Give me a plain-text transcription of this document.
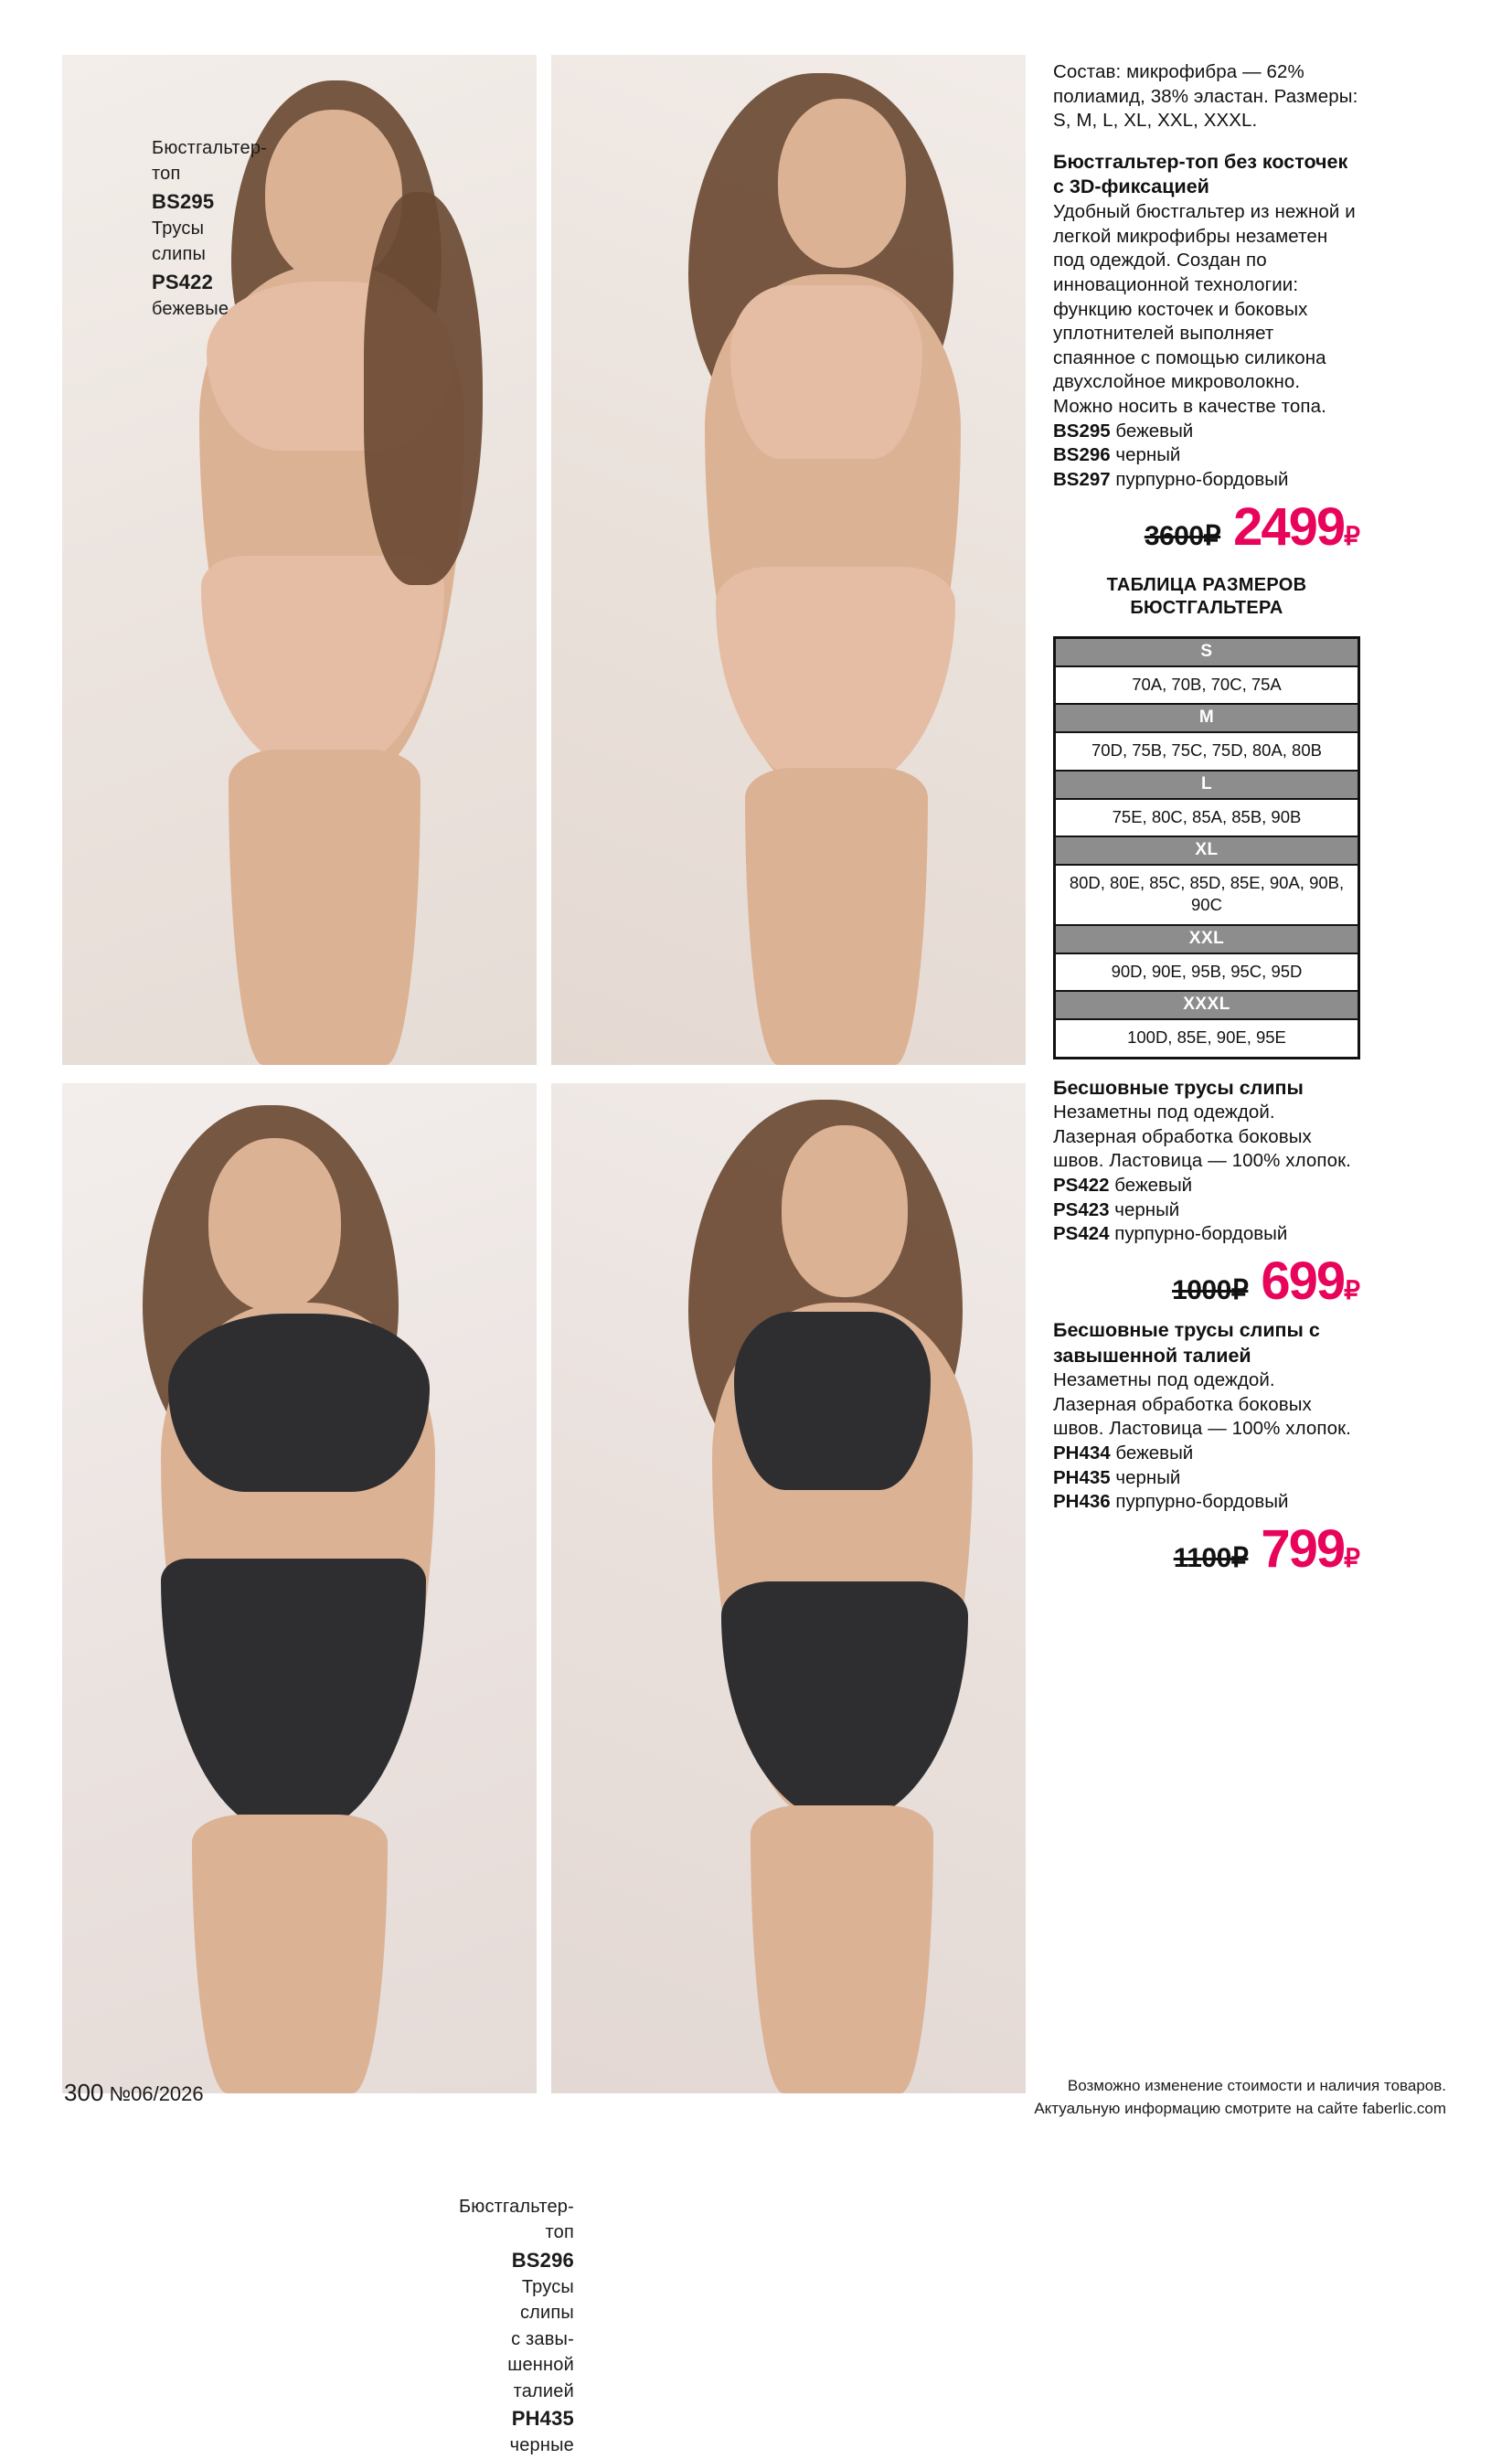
Бюстгальтер-
топ
BS295
Трусы
слипы
PS422
бежевые
Бюстгальтер-
топ
BS296
Трусы
слипы
с завы-
шенной
талией
PH435
черные
Состав: микрофибра — 62% полиамид, 38% эластан. Размеры: S, M, L, XL, XXL, XXXL.
Бюстгальтер-топ без косточек с 3D-фиксацией
Удобный бюстгальтер из нежной и легкой микрофибры незаметен под одеждой. Создан по инновационной технологии: функцию косточек и боковых уплотнителей выполняет спаянное с помощью силикона двухслойное микроволокно. Можно носить в качестве топа.
BS295 бежевый
BS296 черный
BS297 пурпурно-бордовый
3600₽ 2499₽
ТАБЛИЦА РАЗМЕРОВ БЮСТГАЛЬТЕРА
S
70A, 70B, 70C, 75A
M
70D, 75B, 75C, 75D, 80A, 80B
L
75E, 80C, 85A, 85B, 90B
XL
80D, 80E, 85C, 85D, 85E, 90A, 90B, 90C
XXL
90D, 90E, 95B, 95C, 95D
XXXL
100D, 85E, 90E, 95E
Бесшовные трусы слипы
Незаметны под одеждой. Лазерная обработка боковых швов. Ластовица — 100% хлопок.
PS422 бежевый
PS423 черный
PS424 пурпурно-бордовый
1000₽ 699₽
Бесшовные трусы слипы с завышенной талией
Незаметны под одеждой. Лазерная обработка боковых швов. Ластовица — 100% хлопок.
PH434 бежевый
PH435 черный
PH436 пурпурно-бордовый
1100₽ 799₽
300 №06/2026	Возможно изменение стоимости и наличия товаров.
Актуальную информацию смотрите на сайте faberlic.com
